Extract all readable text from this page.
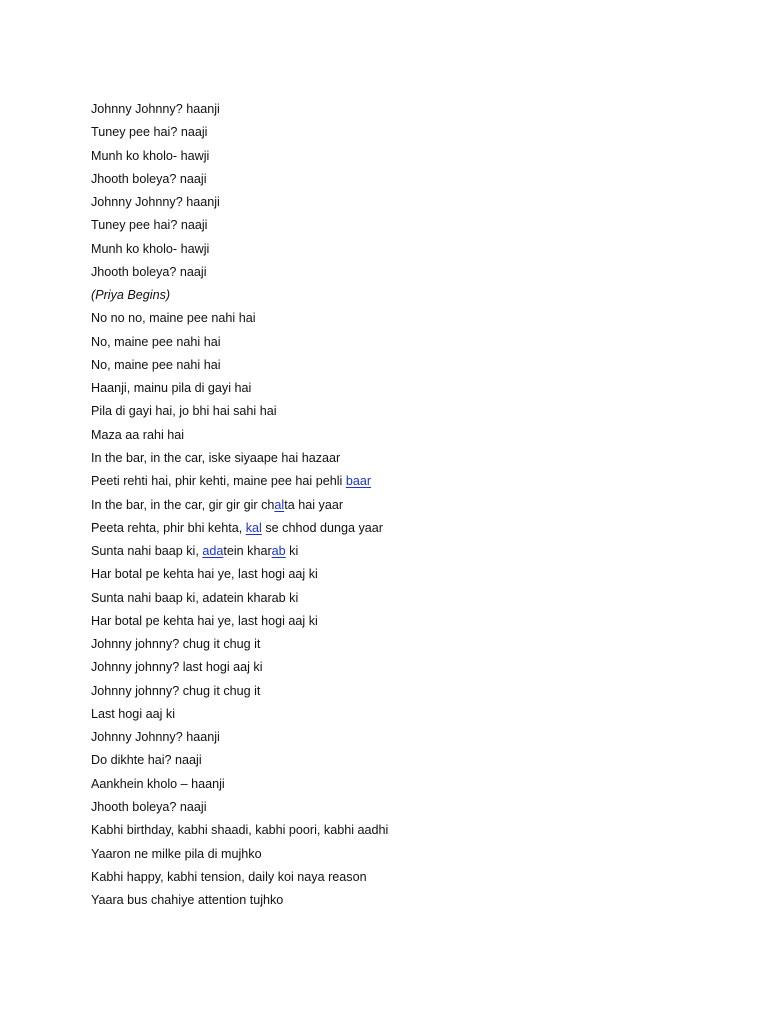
Johnny Johnny? haanji
Tuney pee hai? naaji
Munh ko kholo- hawji
Jhooth boleya? naaji
Johnny Johnny? haanji
Tuney pee hai? naaji
Munh ko kholo- hawji
Jhooth boleya? naaji
(Priya Begins)
No no no, maine pee nahi hai
No, maine pee nahi hai
No, maine pee nahi hai
Haanji, mainu pila di gayi hai
Pila di gayi hai, jo bhi hai sahi hai
Maza aa rahi hai
In the bar, in the car, iske siyaape hai hazaar
Peeti rehti hai, phir kehti, maine pee hai pehli baar
In the bar, in the car, gir gir gir chalta hai yaar
Peeta rehta, phir bhi kehta, kal se chhod dunga yaar
Sunta nahi baap ki, adatein kharab ki
Har botal pe kehta hai ye, last hogi aaj ki
Sunta nahi baap ki, adatein kharab ki
Har botal pe kehta hai ye, last hogi aaj ki
Johnny johnny? chug it chug it
Johnny johnny? last hogi aaj ki
Johnny johnny? chug it chug it
Last hogi aaj ki
Johnny Johnny? haanji
Do dikhte hai? naaji
Aankhein kholo – haanji
Jhooth boleya? naaji
Kabhi birthday, kabhi shaadi, kabhi poori, kabhi aadhi
Yaaron ne milke pila di mujhko
Kabhi happy, kabhi tension, daily koi naya reason
Yaara bus chahiye attention tujhko
